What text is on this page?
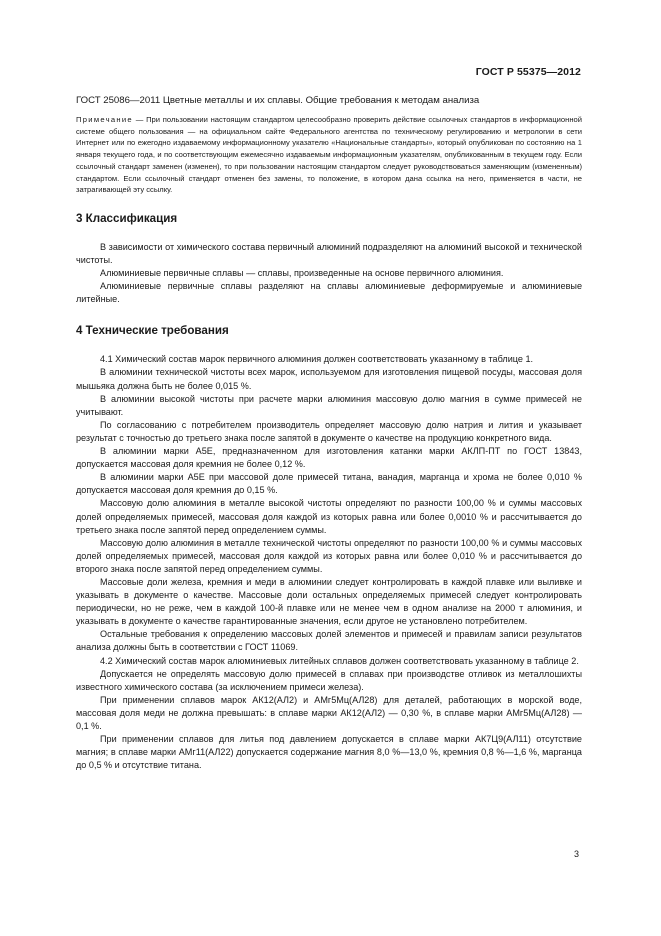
ГОСТ Р 55375—2012

ГОСТ 25086—2011 Цветные металлы и их сплавы. Общие требования к методам анализа

Примечание — При пользовании настоящим стандартом целесообразно проверить действие ссылочных стандартов в информационной системе общего пользования — на официальном сайте Федерального агентства по техническому регулированию и метрологии в сети Интернет или по ежегодно издаваемому информационному указателю «Национальные стандарты», который опубликован по состоянию на 1 января текущего года, и по соответствующим ежемесячно издаваемым информационным указателям, опубликованным в текущем году. Если ссылочный стандарт заменен (изменен), то при пользовании настоящим стандартом следует руководствоваться заменяющим (измененным) стандартом. Если ссылочный стандарт отменен без замены, то положение, в котором дана ссылка на него, применяется в части, не затрагивающей эту ссылку.
3 Классификация

В зависимости от химического состава первичный алюминий подразделяют на алюминий высокой и технической чистоты.

Алюминиевые первичные сплавы — сплавы, произведенные на основе первичного алюминия.

Алюминиевые первичные сплавы разделяют на сплавы алюминиевые деформируемые и алюминиевые литейные.

4 Технические требования

4.1 Химический состав марок первичного алюминия должен соответствовать указанному в таблице 1.

В алюминии технической чистоты всех марок, используемом для изготовления пищевой посуды, массовая доля мышьяка должна быть не более 0,015 %.

В алюминии высокой чистоты при расчете марки алюминия массовую долю магния в сумме примесей не учитывают.

По согласованию с потребителем производитель определяет массовую долю натрия и лития и указывает результат с точностью до третьего знака после запятой в документе о качестве на продукцию конкретного вида.

В алюминии марки А5Е, предназначенном для изготовления катанки марки АКЛП-ПТ по ГОСТ 13843, допускается массовая доля кремния не более 0,12 %.

В алюминии марки А5Е при массовой доле примесей титана, ванадия, марганца и хрома не более 0,010 % допускается массовая доля кремния до 0,15 %.

Массовую долю алюминия в металле высокой чистоты определяют по разности 100,00 % и суммы массовых долей определяемых примесей, массовая доля каждой из которых равна или более 0,0010 % и рассчитывается до третьего знака после запятой перед определением суммы.

Массовую долю алюминия в металле технической чистоты определяют по разности 100,00 % и суммы массовых долей определяемых примесей, массовая доля каждой из которых равна или более 0,010 % и рассчитывается до второго знака после запятой перед определением суммы.

Массовые доли железа, кремния и меди в алюминии следует контролировать в каждой плавке или выливке и указывать в документе о качестве. Массовые доли остальных определяемых примесей следует контролировать периодически, но не реже, чем в каждой 100-й плавке или не менее чем в одном анализе на 2000 т алюминия, и указывать в документе о качестве гарантированные значения, если другое не установлено потребителем.

Остальные требования к определению массовых долей элементов и примесей и правилам записи результатов анализа должны быть в соответствии с ГОСТ 11069.

4.2 Химический состав марок алюминиевых литейных сплавов должен соответствовать указанному в таблице 2.

Допускается не определять массовую долю примесей в сплавах при производстве отливок из металлошихты известного химического состава (за исключением примеси железа).

При применении сплавов марок АК12(АЛ2) и АМг5Мц(АЛ28) для деталей, работающих в морской воде, массовая доля меди не должна превышать: в сплаве марки АК12(АЛ2) — 0,30 %, в сплаве марки АМг5Мц(АЛ28) — 0,1 %.

При применении сплавов для литья под давлением допускается в сплаве марки АК7Ц9(АЛ11) отсутствие магния; в сплаве марки АМг11(АЛ22) допускается содержание магния 8,0 %—13,0 %, кремния 0,8 %—1,6 %, марганца до 0,5 % и отсутствие титана.

3
